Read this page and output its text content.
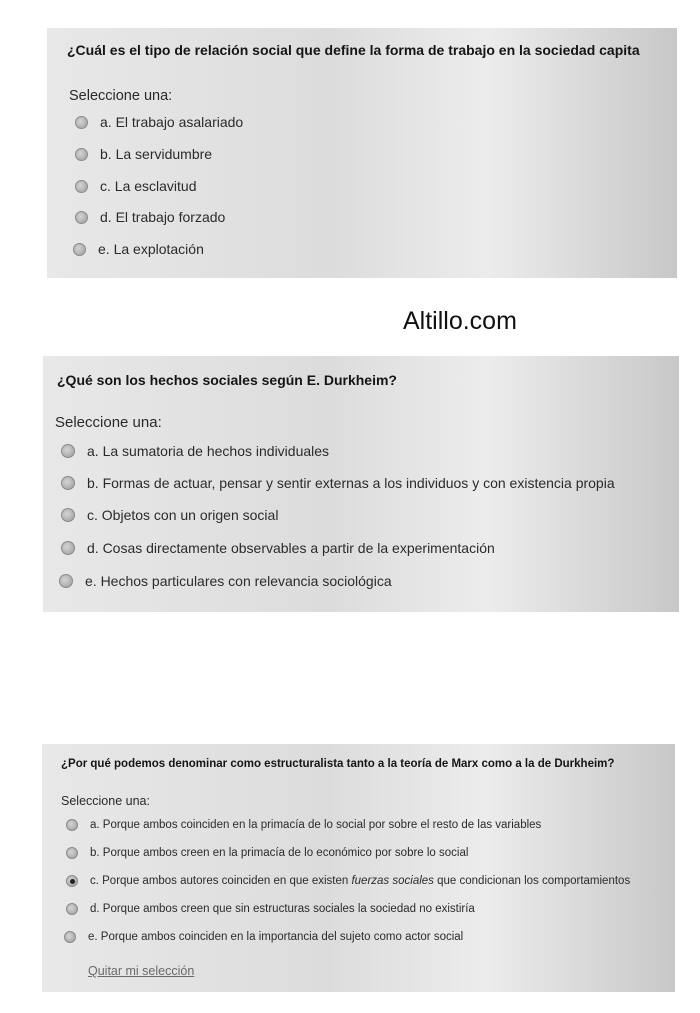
¿Cuál es el tipo de relación social que define la forma de trabajo en la sociedad capita
Seleccione una:
a. El trabajo asalariado
b. La servidumbre
c. La esclavitud
d. El trabajo forzado
e. La explotación
Altillo.com
¿Qué son los hechos sociales según E. Durkheim?
Seleccione una:
a. La sumatoria de hechos individuales
b. Formas de actuar, pensar y sentir externas a los individuos y con existencia propia
c. Objetos con un origen social
d. Cosas directamente observables a partir de la experimentación
e. Hechos particulares con relevancia sociológica
¿Por qué podemos denominar como estructuralista tanto a la teoría de Marx como a la de Durkheim?
Seleccione una:
a. Porque ambos coinciden en la primacía de lo social por sobre el resto de las variables
b. Porque ambos creen en la primacía de lo económico por sobre lo social
c. Porque ambos autores coinciden en que existen fuerzas sociales que condicionan los comportamientos
d. Porque ambos creen que sin estructuras sociales la sociedad no existiría
e. Porque ambos coinciden en la importancia del sujeto como actor social
Quitar mi selección
